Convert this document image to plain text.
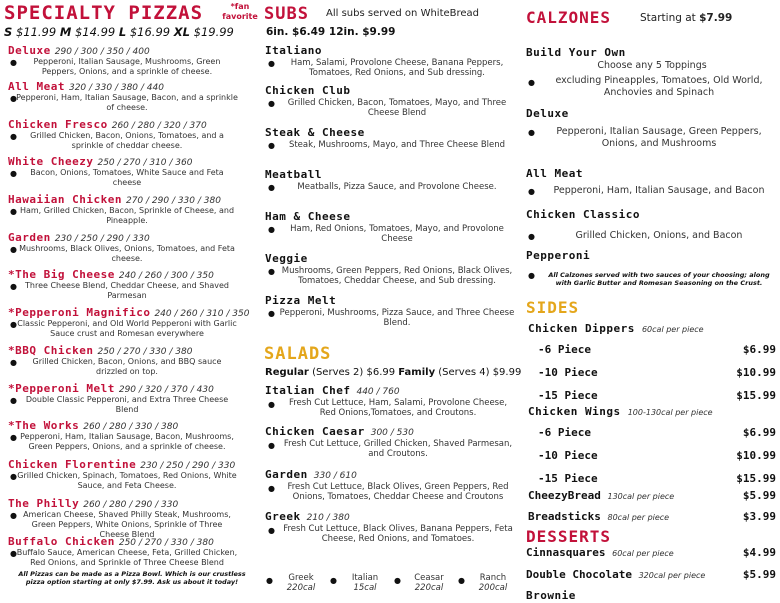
SPECIALTY PIZZAS	*fan favorite
S $11.99 M $14.99 L $16.99 XL $19.99
Deluxe 290 / 300 / 350 / 400
●	Pepperoni, Italian Sausage, Mushrooms, Green Peppers, Onions, and a sprinkle of cheese.
All Meat 320 / 330 / 380 / 440
● Pepperoni, Ham, Italian Sausage, Bacon, and a sprinkle of cheese.
Chicken Fresco 260 / 280 / 320 / 370
●	Grilled Chicken, Bacon, Onions, Tomatoes, and a sprinkle of cheddar cheese.
White Cheezy 250 / 270 / 310 / 360
●	Bacon, Onions, Tomatoes, White Sauce and Feta cheese
Hawaiian Chicken 270 / 290 / 330 / 380
● Ham, Grilled Chicken, Bacon, Sprinkle of Cheese, and Pineapple.
Garden 230 / 250 / 290 / 330
● Mushrooms, Black Olives, Onions, Tomatoes, and Feta cheese.
*The Big Cheese 240 / 260 / 300 / 350
●	Three Cheese Blend, Cheddar Cheese, and Shaved Parmesan
*Pepperoni Magnifico 240 / 260 / 310 / 350
● Classic Pepperoni, and Old World Pepperoni with Garlic Sauce crust and Romesan everywhere
*BBQ Chicken 250 / 270 / 330 / 380
●	Grilled Chicken, Bacon, Onions, and BBQ sauce drizzled on top.
*Pepperoni Melt 290 / 320 / 370 / 430
●	Double Classic Pepperoni, and Extra Three Cheese Blend
*The Works 260 / 280 / 330 / 380
● Pepperoni, Ham, Italian Sausage, Bacon, Mushrooms, Green Peppers, Onions, and a sprinkle of cheese.
Chicken Florentine 230 / 250 / 290 / 330
● Grilled Chicken, Spinach, Tomatoes, Red Onions, White Sauce, and Feta Cheese.
The Philly 260 / 280 / 290 / 330
● American Cheese, Shaved Philly Steak, Mushrooms, Green Peppers, White Onions, Sprinkle of Three Cheese Blend
Buffalo Chicken 250 / 270 / 330 / 380
● Buffalo Sauce, American Cheese, Feta, Grilled Chicken, Red Onions, and Sprinkle of Three Cheese Blend
All Pizzas can be made as a Pizza Bowl. Which is our crustless pizza option starting at only $7.99. Ask us about it today!
SUBS All subs served on WhiteBread
6in. $6.49 12in. $9.99
Italiano
●	Ham, Salami, Provolone Cheese, Banana Peppers, Tomatoes, Red Onions, and Sub dressing.
Chicken Club
●	Grilled Chicken, Bacon, Tomatoes, Mayo, and Three Cheese Blend
Steak & Cheese
●	Steak, Mushrooms, Mayo, and Three Cheese Blend
Meatball
●	Meatballs, Pizza Sauce, and Provolone Cheese.
Ham & Cheese
●	Ham, Red Onions, Tomatoes, Mayo, and Provolone Cheese
Veggie
● Mushrooms, Green Peppers, Red Onions, Black Olives, Tomatoes, Cheddar Cheese, and Sub dressing.
Pizza Melt
● Pepperoni, Mushrooms, Pizza Sauce, and Three Cheese Blend.
SALADS
Regular (Serves 2) $6.99 Family (Serves 4) $9.99
Italian Chef 440 / 760
●	Fresh Cut Lettuce, Ham, Salami, Provolone Cheese, Red Onions,Tomatoes, and Croutons.
Chicken Caesar 300 / 530
●	Fresh Cut Lettuce, Grilled Chicken, Shaved Parmesan, and Croutons.
Garden 330 / 610
●	Fresh Cut Lettuce, Black Olives, Green Peppers, Red Onions, Tomatoes, Cheddar Cheese and Croutons
Greek 210 / 380
● Fresh Cut Lettuce, Black Olives, Banana Peppers, Feta Cheese, Red Onions, and Tomatoes.
●	Greek
220cal
●	Italian
15cal
●	Ceasar
220cal
●	Ranch
200cal
CALZONES	Starting at $7.99
Build Your Own
Choose any 5 Toppings
●	excluding Pineapples, Tomatoes, Old World, Anchovies and Spinach
Deluxe
●	Pepperoni, Italian Sausage, Green Peppers, Onions, and Mushrooms
All Meat
●	Pepperoni, Ham, Italian Sausage, and Bacon
Chicken Classico
●	Grilled Chicken, Onions, and Bacon
Pepperoni
●	All Calzones served with two sauces of your choosing; along with Garlic Butter and Romesan Seasoning on the Crust.
SIDES
Chicken Dippers 60cal per piece
-6 Piece	$6.99
-10 Piece	$10.99
-15 Piece	$15.99
Chicken Wings 100-130cal per piece
-6 Piece	$6.99
-10 Piece	$10.99
-15 Piece	$15.99
CheezyBread 130cal per piece	$5.99
Breadsticks 80cal per piece	$3.99
DESSERTS
Cinnasquares 60cal per piece	$4.99
Double Chocolate 320cal per piece	$5.99
Brownie
